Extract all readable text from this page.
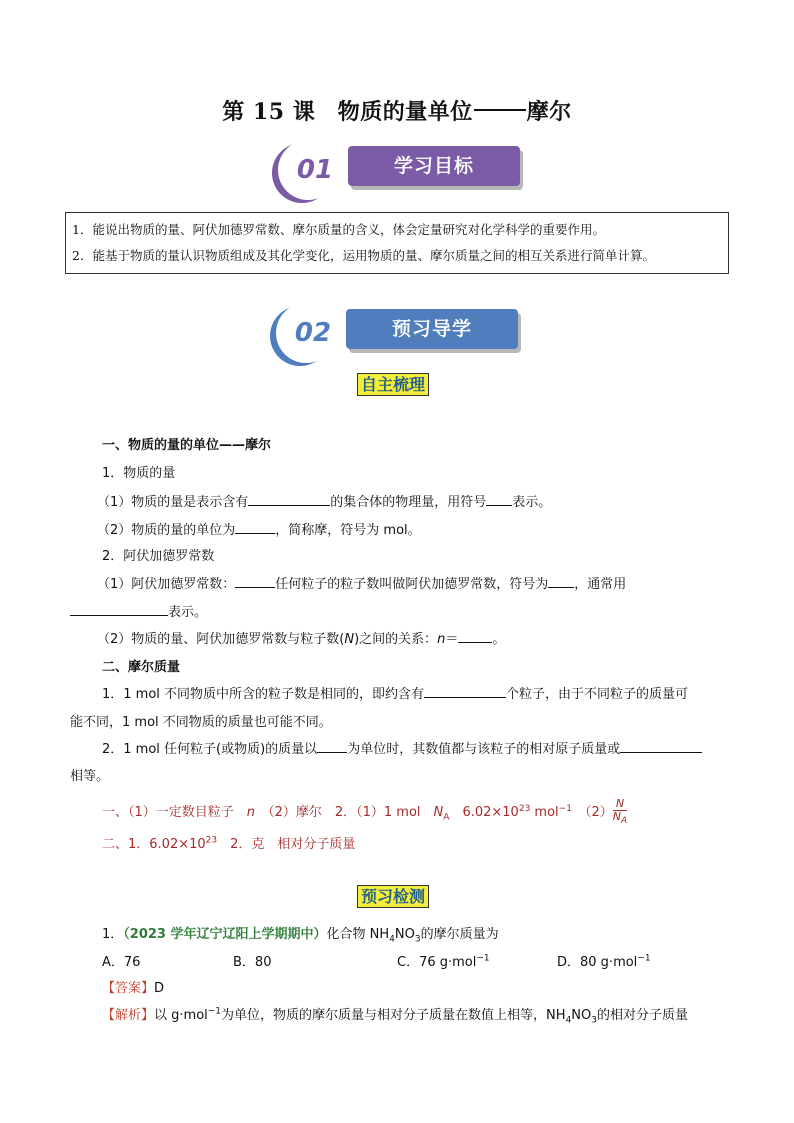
第 15 课　物质的量单位 摩尔
01	学习目标
1．能说出物质的量、阿伏加德罗常数、摩尔质量的含义，体会定量研究对化学科学的重要作用。
2．能基于物质的量认识物质组成及其化学变化，运用物质的量、摩尔质量之间的相互关系进行简单计算。
02	预习导学
自主梳理
一、物质的量的单位——摩尔
1．物质的量
（1）物质的量是表示含有	的集合体的物理量，用符号 表示。
（2）物质的量的单位为	，简称摩，符号为 mol。
2．阿伏加德罗常数
（1）阿伏加德罗常数：	任何粒子的粒子数叫做阿伏加德罗常数，符号为 ，通常用
表示。
（2）物质的量、阿伏加德罗常数与粒子数(N)之间的关系：n＝	。
二、摩尔质量
1．1 mol 不同物质中所含的粒子数是相同的，即约含有	个粒子，由于不同粒子的质量可
能不同，1 mol 不同物质的质量也可能不同。
2．1 mol 任何粒子(或物质)的质量以 为单位时，其数值都与该粒子的相对原子质量或
相等。
一、（1）一定数目粒子　 n　 （2）摩尔　2．（1）1 mol　 $N_A$　 $6.02\times 10^{23}$ mol$^{-1}$　 $(2) \frac{N}{N_A}$
二、1．$6.02\times 10^{23}$　2．克　相对分子质量
预习检测
1．（2023 学年辽宁辽阳上学期期中）化合物 $NH_4NO_3$的摩尔质量为
A．76	B．80	C．76 g·mol$^{-1}$	D．80 g·mol$^{-1}$
【答案】D
【解析】以 g·mol$^{-1}$为单位，物质的摩尔质量与相对分子质量在数值上相等，$NH_4NO_3$的相对分子质量
